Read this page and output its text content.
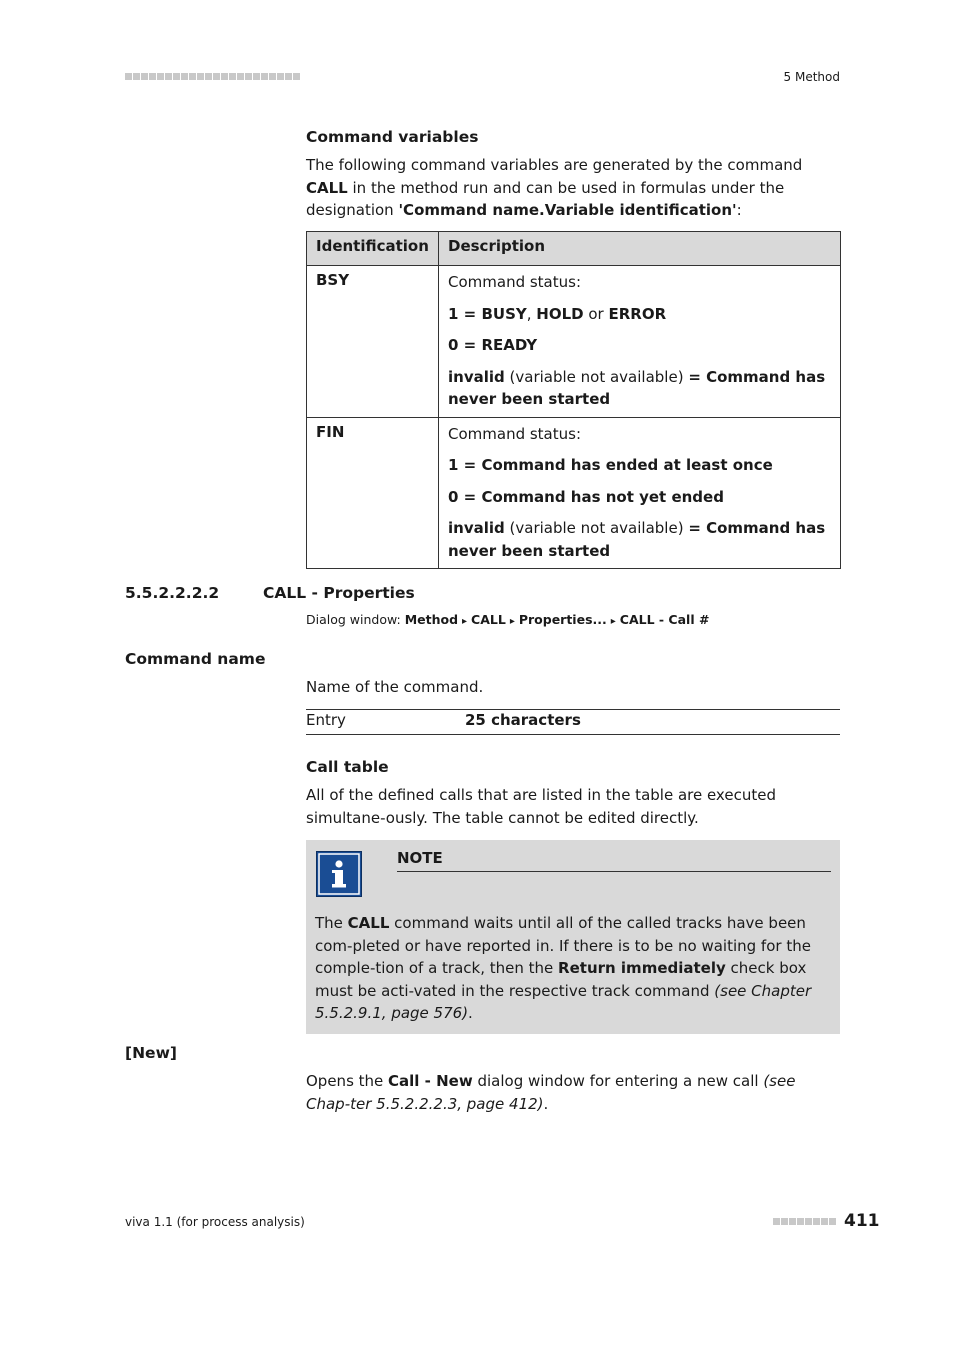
5 Method
Command variables
The following command variables are generated by the command CALL in the method run and can be used in formulas under the designation 'Command name.Variable identification':
Identification	Description
BSY	Command status:

1 = BUSY, HOLD or ERROR

0 = READY

invalid (variable not available) = Command has never been started

FIN	Command status:

1 = Command has ended at least once

0 = Command has not yet ended

invalid (variable not available) = Command has never been started

5.5.2.2.2.2	CALL - Properties
Dialog window: Method ▸ CALL ▸ Properties... ▸ CALL - Call #
Command name
Name of the command.
Entry	25 characters
Call table
All of the defined calls that are listed in the table are executed simultane-ously. The table cannot be edited directly.
NOTE
The CALL command waits until all of the called tracks have been com-pleted or have reported in. If there is to be no waiting for the comple-tion of a track, then the Return immediately check box must be acti-vated in the respective track command (see Chapter 5.5.2.9.1, page 576).
[New]
Opens the Call - New dialog window for entering a new call (see Chap-ter 5.5.2.2.2.3, page 412).
viva 1.1 (for process analysis)	411
